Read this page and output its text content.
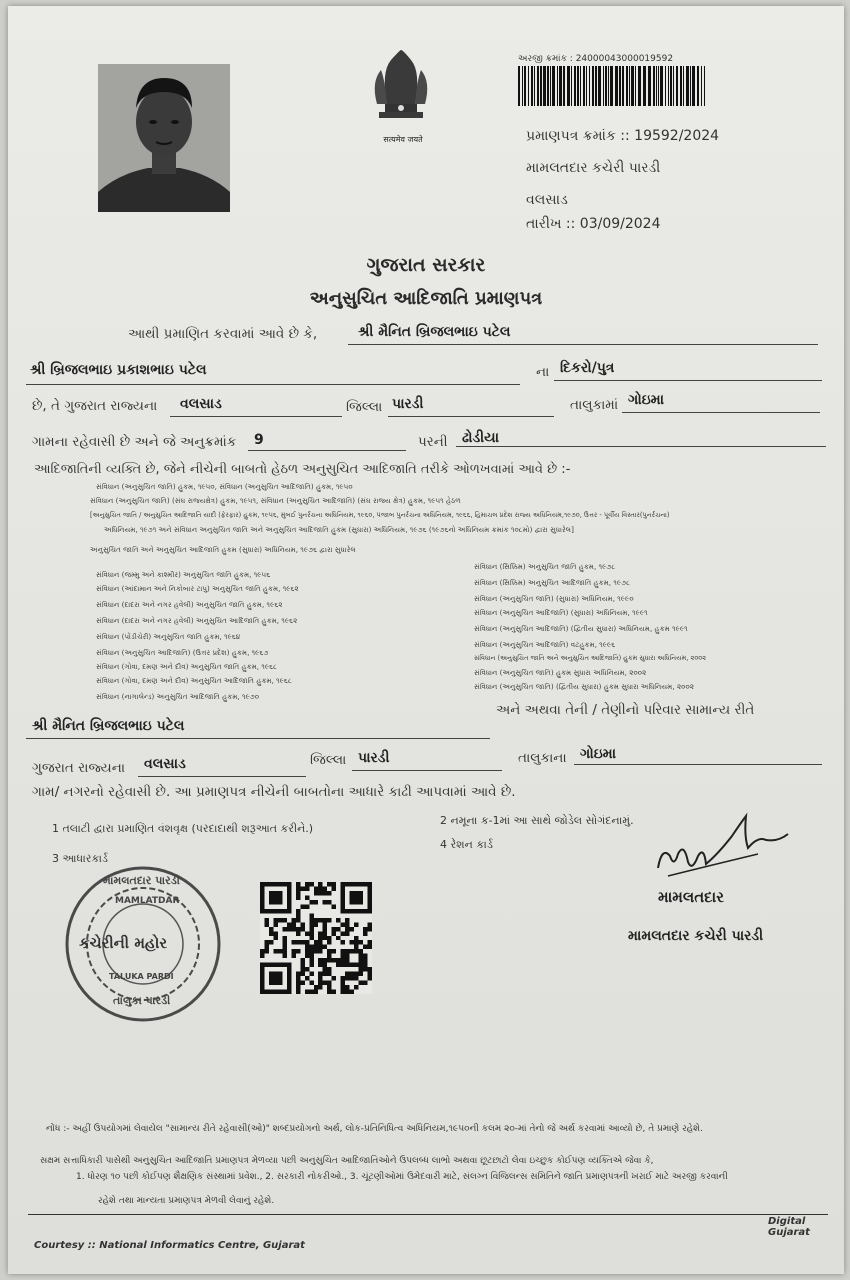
सत्यमेव जयते
અરજી ક્રમાંક : 24000043000019592
પ્રમાણપત્ર ક્રમાંક :: 19592/2024
મામલતદાર કચેરી પારડી
વલસાડ
તારીખ :: 03/09/2024
ગુજરાત સરકાર
અનુસુચિત આદિજાતિ પ્રમાણપત્ર
આથી પ્રમાણિત કરવામાં આવે છે કે,	શ્રી મૈનિત બ્રિજલભાઇ પટેલ
શ્રી બ્રિજલભાઇ પ્રકાશભાઇ પટેલ	ના દિકરો/પુત્ર
છે, તે ગુજરાત રાજ્યના વલસાડ	જિલ્લા પારડી	તાલુકામાં ગોઇમા
ગામના રહેવાસી છે અને જે અનુક્રમાંક 9	પરની ઢોડીયા
આદિજાતિની વ્યક્તિ છે, જેને નીચેની બાબતો હેઠળ અનુસુચિત આદિજાતિ તરીકે ઓળખવામાં આવે છે :-
સંવિધાન (અનુસુચિત જાતિ) હુકમ, ૧૯૫૦, સંવિધાન (અનુસુચિત આદિજાતિ) હુકમ, ૧૯૫૦
સંવિધાન (અનુસુચિત જાતિ) (સંઘ રાજ્યક્ષેત્ર) હુકમ, ૧૯૫૧, સંવિધાન (અનુસુચિત આદિજાતિ) (સંઘ રાજ્ય ક્ષેત્ર) હુકમ, ૧૯૫૧ હેઠળ
[અનુસુચિત જાતિ / અનુસુચિત આદિજાતિ યાદી (ફેરફાર) હુકમ, ૧૯૫૬, મુંબઈ પુનર્રચના અધિનિયમ, ૧૯૬૦, પંજાબ પુનર્રચના અધિનિયમ, ૧૯૬૬, હિમાચલ પ્રદેશ રાજ્ય અધિનિયમ,૧૯૭૦, ઉત્તર - પૂર્વીય વિસ્તાર(પુનર્રચના)
અધિનિયમ, ૧૯૭૧ અને સંવિધાન અનુસુચિત જાતિ અને અનુસુચિત આદિજાતિ હુકમ (સુધારા) અધિનિયમ, ૧૯૭૬ (૧૯૭૬નો અધિનિયમ ક્રમાંક ૧૦૮મો) દ્વારા સુધારેલ]
અનુસુચિત જાતિ અને અનુસુચિત આદિજાતિ હુકમ (સુધારા) અધિનિયમ, ૧૯૭૬ દ્વારા સુધારેલ
સંવિધાન (જમ્મુ અને કાશ્મીર) અનુસુચિત જાતિ હુકમ, ૧૯૫૬
સંવિધાન (આંદામાન અને નિકોબાર ટાપુ) અનુસુચિત જાતિ હુકમ, ૧૯૬૨
સંવિધાન (દાદરા અને નગર હવેલી) અનુસુચિત જાતિ હુકમ, ૧૯૬૨
સંવિધાન (દાદરા અને નગર હવેલી) અનુસુચિત આદિજાતિ હુકમ, ૧૯૬૨
સંવિધાન (પોંડીચેરી) અનુસુચિત જાતિ હુકમ, ૧૯૬૪
સંવિધાન (અનુસુચિત આદિજાતિ) (ઉત્તર પ્રદેશ) હુકમ, ૧૯૬૭
સંવિધાન (ગોવા, દમણ અને દીવ) અનુસુચિત જાતિ હુકમ, ૧૯૬૮
સંવિધાન (ગોવા, દમણ અને દીવ) અનુસુચિત આદિજાતિ હુકમ, ૧૯૬૮
સંવિધાન (નાગાલેન્ડ) અનુસુચિત આદિજાતિ હુકમ, ૧૯૭૦
સંવિધાન (સિક્કિમ) અનુસુચિત જાતિ હુકમ, ૧૯૭૮
સંવિધાન (સિક્કિમ) અનુસુચિત આદિજાતિ હુકમ, ૧૯૭૮
સંવિધાન (અનુસુચિત જાતિ) (સુધારા) અધિનિયમ, ૧૯૯૦
સંવિધાન (અનુસુચિત આદિજાતિ) (સુધારા) અધિનિયમ, ૧૯૯૧
સંવિધાન (અનુસુચિત આદિજાતિ) (દ્વિતીય સુધારા) અધિનિયમ, હુકમ ૧૯૯૧
સંવિધાન (અનુસુચિત આદિજાતિ) વટહુકમ, ૧૯૯૬
સંવિધાન (અનુસુચિત જાતિ અને અનુસુચિત આદિજાતિ) હુકમ સુધારા અધિનિયમ, ૨૦૦૨
સંવિધાન (અનુસુચિત જાતિ) હુકમ સુધારા અધિનિયમ, ૨૦૦૨
સંવિધાન (અનુસુચિત જાતિ) (દ્વિતીય સુધારા) હુકમ સુધારા અધિનિયમ, ૨૦૦૨
શ્રી મૈનિત બ્રિજલભાઇ પટેલ
અને અથવા તેની / તેણીનો પરિવાર સામાન્ય રીતે
ગુજરાત રાજ્યના વલસાડ	જિલ્લા પારડી	તાલુકાના ગોઇમા
ગામ/ નગરનો રહેવાસી છે. આ પ્રમાણપત્ર નીચેની બાબતોના આધારે કાઢી આપવામાં આવે છે.
1 તલાટી દ્વારા પ્રમાણિત વંશવૃક્ષ (પરદાદાથી શરૂઆત કરીને.)
2 નમૂના ક-1માં આ સાથે જોડેલ સોગંદનામું.
3 આધારકાર્ડ
4 રેશન કાર્ડ
મામલતદાર પારડી
MAMLATDAR
કચેરીની મહોર
TALUKA PARDI
તાલુકા પારડી
મામલતદાર
મામલતદાર કચેરી પારડી
નોંધ :- અહીં ઉપયોગમાં લેવાયેલ "સામાન્ય રીતે રહેવાસી(ઓ)" શબ્દપ્રયોગનો અર્થ, લોક-પ્રતિનિધિત્વ અધિનિયમ,૧૯૫૦ની કલમ ૨૦-માં તેનો જે અર્થ કરવામાં આવ્યો છે, તે પ્રમાણે રહેશે.
સક્ષમ સત્તાધિકારી પાસેથી અનુસુચિત આદિજાતિ પ્રમાણપત્ર મેળવ્યા પછી અનુસુચિત આદિજાતિઓને ઉપલબ્ધ લાભો અથવા છૂટછાટો લેવા ઇચ્છુક કોઈપણ વ્યક્તિએ જેવા કે,
1. ધોરણ ૧૦ પછી કોઈપણ શૈક્ષણિક સંસ્થામાં પ્રવેશ., 2. સરકારી નોકરીઓ., 3. ચૂંટણીઓમાં ઉમેદવારી માટે, સંલગ્ન વિજિલન્સ સમિતિને જાતિ પ્રમાણપત્રની ખરાઈ માટે અરજી કરવાની
રહેશે તથા માન્યતા પ્રમાણપત્ર મેળવી લેવાનું રહેશે.
Digital Gujarat
Courtesy :: National Informatics Centre, Gujarat
